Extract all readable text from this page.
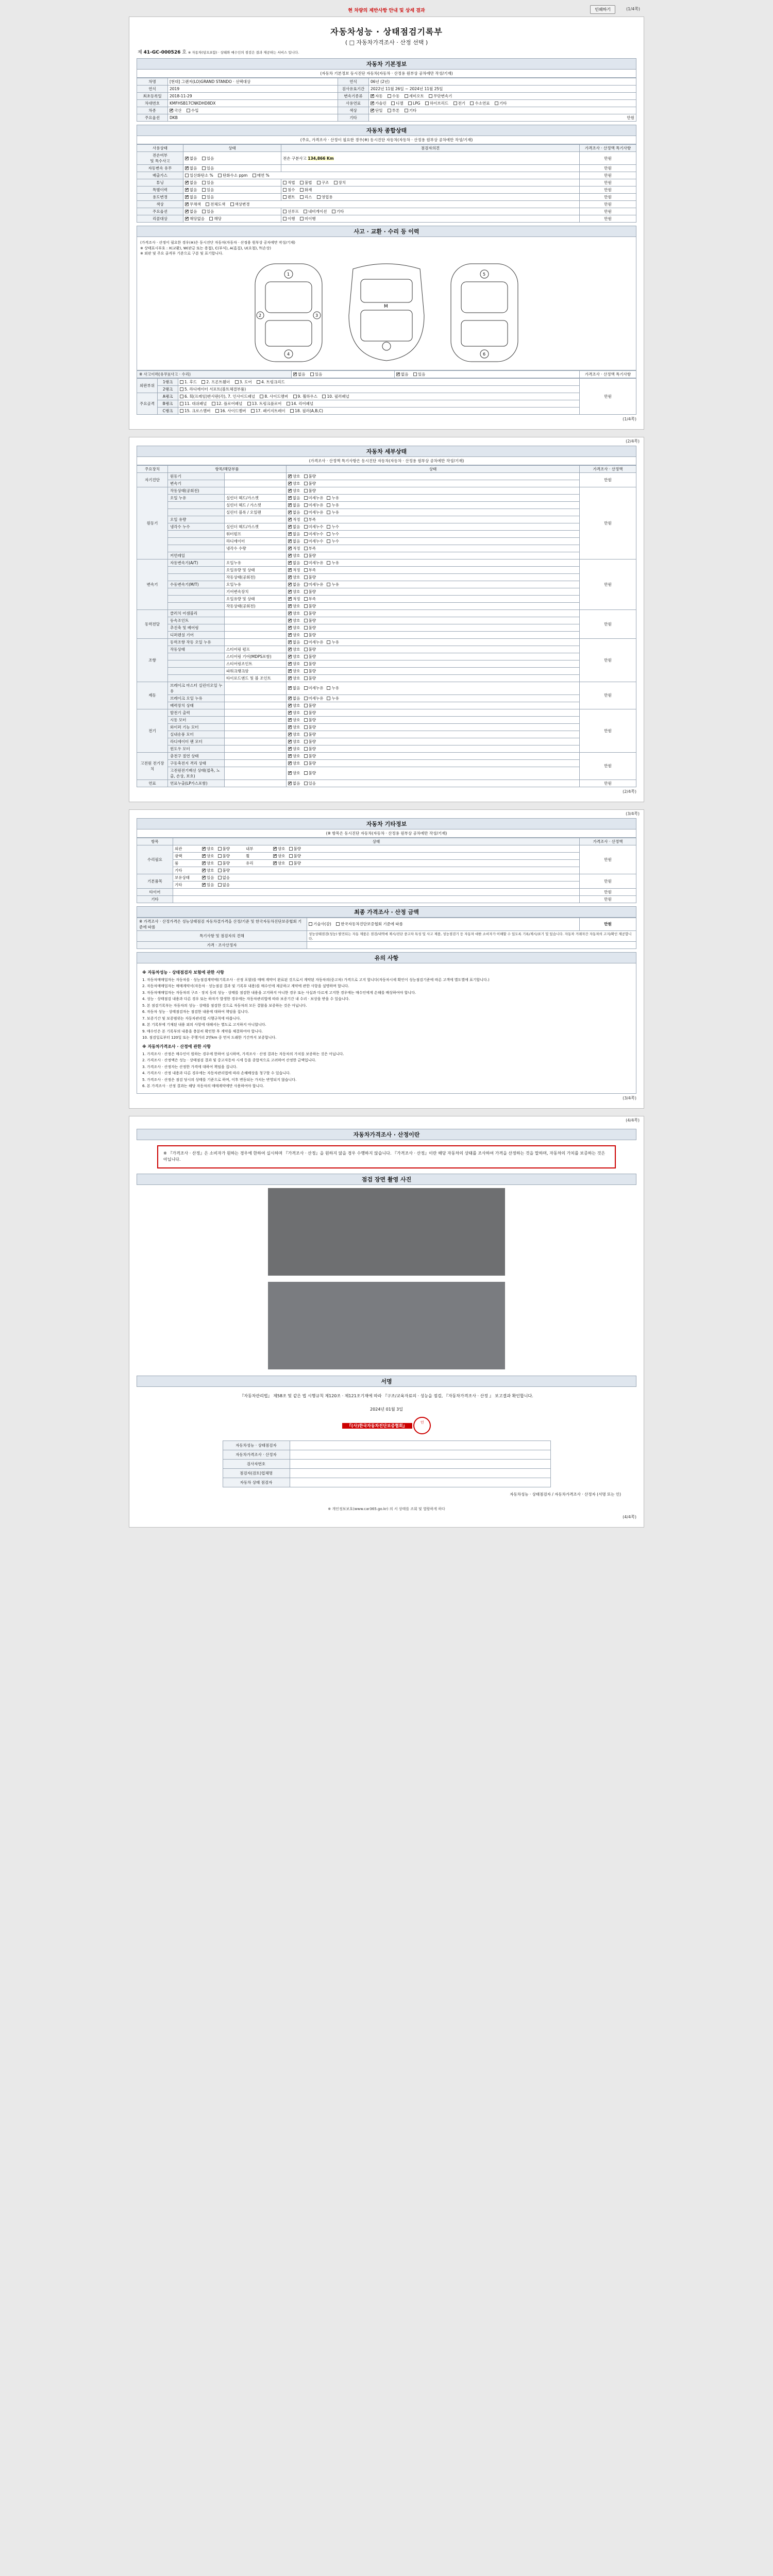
현 차량의 제반사항 안내 및 상세 결과	인쇄하기	(1/4쪽)
자동차성능 · 상태점검기록부
( □ 자동차가격조사 · 산정 선택 )
제 41-GC-000526 호 ※ 자동차(덤프포함) · 상태와 매수인의 점검은 결과 제공하는 서비스 입니다.
자동차 기본정보
(자동차 기본정보 동시진단 자동차(자동차 · 산정용 원부상 공차에만 작성/기재)
차명	[현대] 그랜저(LO)GRAND STANDO · 선택대상	연식	06년 (2년)
연식	2019	검사유효기간	2022년 11월 26일 ~ 2024년 11월 25일
최초등록일	2018-11-29	변속기종류	✔자동 수동 세미오토 무단변속기
차대번호	KMFHSB17CNKDHD8DX	사용연료	✔가솔린 디젤 LPG 하이브리드 전기 수소연료 기타
차종	✔국산 수입	색상	✔단일 투톤 기타
주요옵션	DKB	기타	만원
자동차 종합상태
(주요, 가격조사 · 산정이 필요한 경우(※) 동시진단 자동차(자동차 · 산정용 원부상 공차에만 작성/기재)
사용상태	상태	점검자의견	가격조사 · 산정액 특기사항
전손여부
및 특수사고	✔없음 있음	전손 구분사고 134,866 Km	만원
자동변속 유무	✔없음 있음		만원
배출가스	일산화탄소 % 탄화수소 ppm 매연 %		만원
튜닝	✔없음 있음	적법 불법 구조 장치	만원
특별이력	✔없음 있음	침수 화재	만원
용도변경	✔없음 있음	렌트 리스 영업용	만원
색상	✔무채색 전체도색 색상변경		만원
주요옵션	✔없음 있음	선루프 내비게이션 기타	만원
리콜대상	✔해당없음 해당	이행 미이행	만원
사고 · 교환 · 수리 등 이력
(가격조사 · 산정이 필요한 경우(※)은 동시진단 자동차(자동차 · 산정용 원부상 공차에만 작성/기재)
※ 상태표시부호 : X(교환), W(판금 또는 용접), C(부식), A(흠집), U(요철), T(손상)
※ 외판 및 주요 골격부 기준으로 구분 및 표기합니다.
1
4
2	3
M
5
6
※ 사고이력(유무)(사고 · 수리)	✔없음 있음	✔없음 있음	가격조사 · 산정액 특기사항
외판부위	1랭크	1. 후드 2. 프론트휀더 3. 도어 4. 트렁크리드	만원
	2랭크	5. 라디에이터 서포트(볼트체결부품)	
주요골격	A랭크	6. 획(프레임)반사판(각), 7. 인사이드패널 8. 사이드멤버 9. 휠하우스 10. 필러패널	
	B랭크	11. 대쉬패널 12. 플로어패널 13. 트렁크플로어 14. 리어패널	
	C랭크	15. 크로스멤버 16. 사이드멤버 17. 패키지트레이 18. 필러(A,B,C)	
(1/4쪽)
(2/4쪽)
자동차 세부상태
(가격조사 · 산정액 특기사항은 동시진단 자동차(자동차 · 산정용 원부상 공차에만 작성/기재)
주요장치	항목/해당부품		상태	가격조사 · 산정액
자기진단	원동기		✔양호 불량	만원
	변속기		✔양호 불량
원동기	작동상태(공회전)		✔양호 불량	만원
	오일 누유	실린더 헤드/가스켓	✔없음 미세누유 누유
		실린더 헤드 / 가스켓	✔없음 미세누유 누유
		실린더 블록 / 오일팬	✔없음 미세누유 누유
	오일 유량		✔적정 부족
	냉각수 누수	실린더 헤드/가스켓	✔없음 미세누수 누수
		워터펌프	✔없음 미세누수 누수
		라디에이터	✔없음 미세누수 누수
		냉각수 수량	✔적정 부족
	커먼레일		✔양호 불량
변속기	자동변속기(A/T)	오일누유	✔없음 미세누유 누유	만원
		오일유량 및 상태	✔적정 부족
		작동상태(공회전)	✔양호 불량
	수동변속기(M/T)	오일누유	✔없음 미세누유 누유
		기어변속장치	✔양호 불량
		오일유량 및 상태	✔적정 부족
		작동상태(공회전)	✔양호 불량
동력전달	클러치 어셈블리		✔양호 불량	만원
	등속조인트		✔양호 불량
	추진축 및 베어링		✔양호 불량
	디퍼렌셜 기어		✔양호 불량
조향	동력조향 작동 오일 누유		✔없음 미세누유 누유	만원
	작동상태	스티어링 펌프	✔양호 불량
		스티어링 기어(MDPS포함)	✔양호 불량
		스티어링조인트	✔양호 불량
		파워크랭크암	✔양호 불량
		타이로드엔드 및 볼 조인트	✔양호 불량
제동	브레이크 마스터 실린더오일 누유		✔없음 미세누유 누유	만원
	브레이크 오일 누유		✔없음 미세누유 누유
	배력장치 상태		✔양호 불량
전기	발전기 출력		✔양호 불량	만원
	시동 모터		✔양호 불량
	와이퍼 기능 모터		✔양호 불량
	실내송풍 모터		✔양호 불량
	라디에이터 팬 모터		✔양호 불량
	윈도우 모터		✔양호 불량
고전원 전기장치	충전구 절연 상태		✔양호 불량	만원
	구동축전지 격리 상태		✔양호 불량
	고전원전기배선 상태(접촉, 노출, 손상, 보호)		✔양호 불량
연료	연료누출(LP가스포함)		✔없음 있음	만원
(2/4쪽)
(3/4쪽)
자동차 기타정보
(※ 항목은 동시진단 자동차(자동차 · 산정용 원부상 공차에만 작성/기재)
항목	상태	가격조사 · 산정액
수리필요	외관 ✔ 양호 불량 내부 ✔ 양호 불량	만원
	광택 ✔ 양호 불량 휠 ✔ 양호 불량
	룸 ✔ 양호 불량 유리 ✔ 양호 불량
	기타 ✔ 양호 불량
기본품목	보유상태 ✔ 있음 없음	만원
	기타 ✔ 있음 없음
타이어		만원
기타		만원
최종 가격조사 · 산정 금액
※ 가격조사 · 산정가격은 성능상태점검 자동차결가격을 산정/기준 및 한국자동차진단보증협회 기준에 따름	기술사(감) 한국자동차진단보증협회 기준에 따름	만원
특기사항 및 점검자의 견해	성능상태점검(성능) 발견되는 자동 제품은 점검/내역에 제시/진단 중고차 특성 및 사고 제품, 성능점검기 등 자동차 대한 소비자가 이해할 수 있도록 기록/제시/표기 및 있습니다. 자동차 거래자간 자동차의 고지/확인 제공합니다.	
가격 · 조사산정자		
유의 사항
※ 자동차성능 · 상태점검자 보험에 관한 사항
1. 자동차매매업자는 자동차를 · 성능점검계약에(기록조사 · 산정 포함)를 매매 계약이 완료된 것으로서 계약된 자동차의(중고차) 가격으로 고지 합니다(자동차시세 확인이 성능점검기준에 따른 고객에 별도별에 표기합니다.)
2. 자동차매매업자는 매매계약서(자동차 · 성능점검 결과 및 기록부 내용)를 매수인에 제공하고 계약에 관한 사항을 설명하며 합니다.
3. 자동차매매업자는 자동차의 구조 · 장치 등의 성능 · 상태를 점검한 내용을 고지하지 아니한 경우 또는 사실과 다르게 고지한 경우에는 매수인에게 손해를 배상하여야 합니다.
4. 성능 · 상태점검 내용과 다른 경우 또는 하자가 발생한 경우에는 자동차관리법에 따라 보증기간 내 수리 · 보상을 받을 수 있습니다.
5. 본 점검기록부는 자동차의 성능 · 상태를 점검한 것으로 자동차의 모든 결함을 보증하는 것은 아닙니다.
6. 자동차 성능 · 상태점검자는 점검한 내용에 대하여 책임을 집니다.
7. 보증기간 및 보증범위는 자동차관리법 시행규칙에 따릅니다.
8. 본 기록부에 기재된 내용 외의 사항에 대해서는 별도로 고지하지 아니합니다.
9. 매수인은 본 기록부의 내용을 충분히 확인한 후 계약을 체결하여야 합니다.
10. 점검일로부터 120일 또는 주행거리 2만km 중 먼저 도래한 기간까지 보증합니다.
※ 자동차가격조사 · 산정에 관한 사항
1. 가격조사 · 산정은 매수인이 원하는 경우에 한하여 실시하며, 가격조사 · 산정 결과는 자동차의 가치를 보증하는 것은 아닙니다.
2. 가격조사 · 산정액은 성능 · 상태점검 결과 및 중고자동차 시세 등을 종합적으로 고려하여 산정한 금액입니다.
3. 가격조사 · 산정자는 산정한 가격에 대하여 책임을 집니다.
4. 가격조사 · 산정 내용과 다른 경우에는 자동차관리법에 따라 손해배상을 청구할 수 있습니다.
5. 가격조사 · 산정은 점검 당시의 상태를 기준으로 하며, 이후 변동되는 가치는 반영되지 않습니다.
6. 본 가격조사 · 산정 결과는 해당 자동차의 매매계약에만 사용하여야 합니다.
(3/4쪽)
(4/4쪽)
자동차가격조사 · 산정이란
※ 『가격조사 · 산정』은 소비자가 원하는 경우에 한하여 실시하며 『가격조사 · 산정』을 원하지 않을 경우 수행하지 않습니다. 『가격조사 · 산정』이란 해당 자동차의 상태를 조사하여 가격을 산정하는 것을 말하며, 자동차의 가치를 보증하는 것은 아닙니다.
점검 장면 촬영 사진
서명
『자동차관리법』 제58조 및 같은 법 시행규칙 제120조 · 제121조기재에 따라 『구조/교육자료의 · 성능을 점검, 『자동차가격조사 · 산정 』 보고결과 확인합니다.
2024년 01월 3일
『(사)한국자동차진단보증협회』 인
자동차성능 · 상태점검자	
자동차가격조사 · 산정자	
검사자번호	
점검자(검토)업체명	
자동차 상태 점검자	
자동차성능 · 상태점검자 / 자동차가격조사 · 산정자 (서명 또는 인)
※ 개인정보보호(www.car365.go.kr) 의 서 상태를 조회 및 열람하게 하다
(4/4쪽)
